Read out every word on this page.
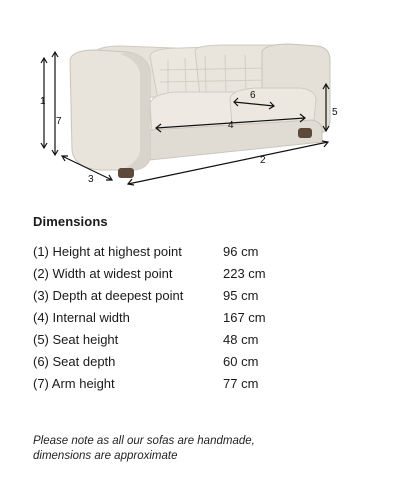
1
7
3
2
4
6
5
Dimensions
(1) Height at highest point	96 cm
(2) Width at widest point	223 cm
(3) Depth at deepest point	95 cm
(4) Internal width	167 cm
(5) Seat height	48 cm
(6) Seat depth	60 cm
(7) Arm height	77 cm
Please note as all our sofas are handmade,
dimensions are approximate
